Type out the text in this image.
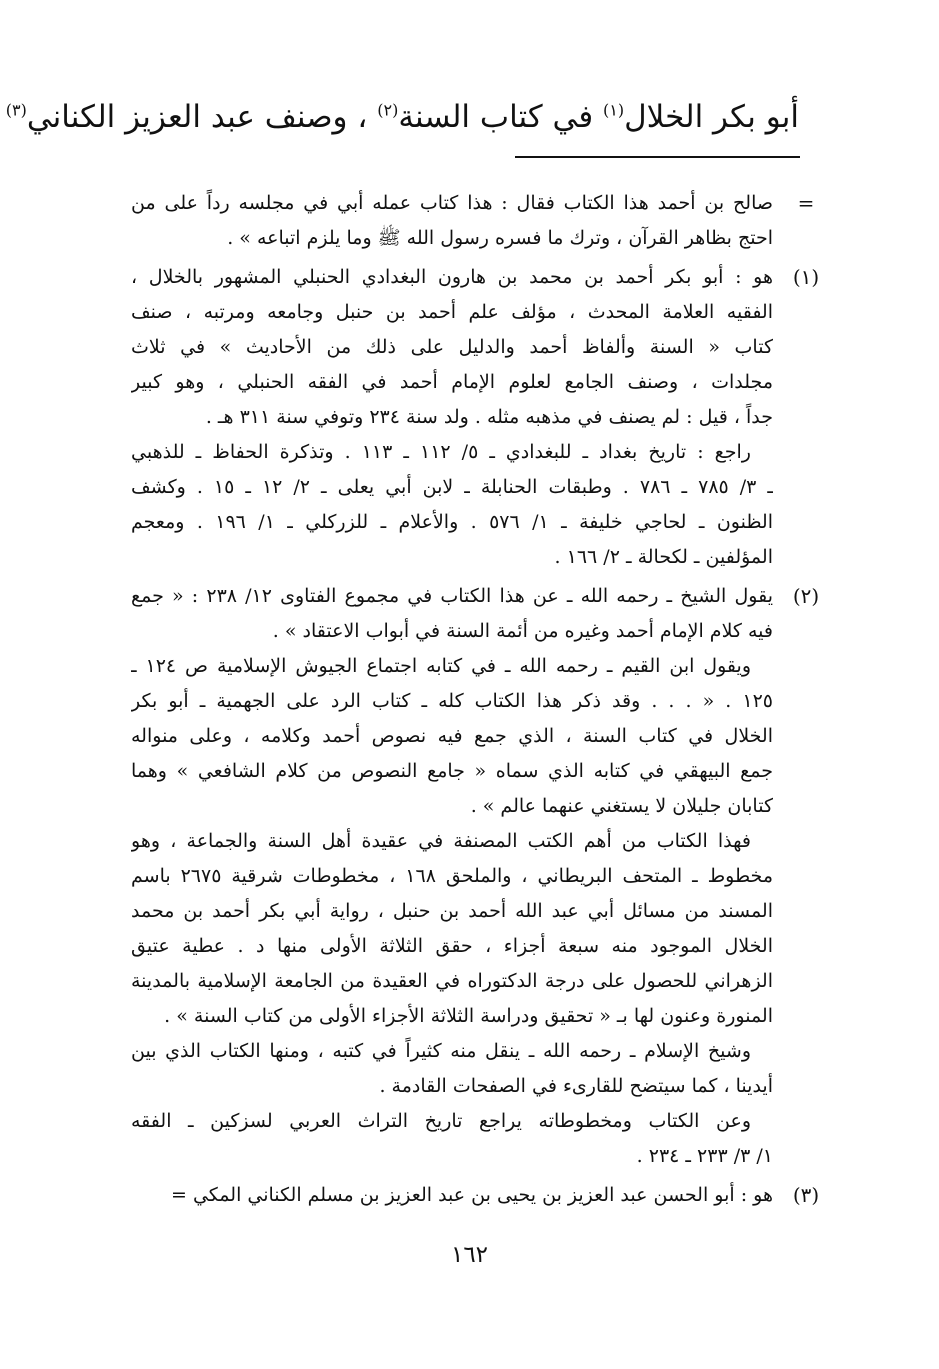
أبو بكر الخلال$^{(١)}$ في كتاب السنة$^{(٢)}$ ، وصنف عبد العزيز الكناني$^{(٣)}$
=
صالح بن أحمد هذا الكتاب فقال : هذا كتاب عمله أبي في مجلسه رداً على من
احتج بظاهر القرآن ، وترك ما فسره رسول الله ﷺ وما يلزم اتباعه » .
(١)
هو : أبو بكر أحمد بن محمد بن هارون البغدادي الحنبلي المشهور بالخلال ،
الفقيه العلامة المحدث ، مؤلف علم أحمد بن حنبل وجامعه ومرتبه ، صنف
كتاب « السنة وألفاظ أحمد والدليل على ذلك من الأحاديث » في ثلاث
مجلدات ، وصنف الجامع لعلوم الإمام أحمد في الفقه الحنبلي ، وهو كبير
جداً ، قيل : لم يصنف في مذهبه مثله . ولد سنة ٢٣٤ وتوفي سنة ٣١١ هـ .
راجع : تاريخ بغداد ـ للبغدادي ـ ٥/ ١١٢ ـ ١١٣ . وتذكرة الحفاظ ـ للذهبي
ـ ٣/ ٧٨٥ ـ ٧٨٦ . وطبقات الحنابلة ـ لابن أبي يعلى ـ ٢/ ١٢ ـ ١٥ . وكشف
الظنون ـ لحاجي خليفة ـ ١/ ٥٧٦ . والأعلام ـ للزركلي ـ ١/ ١٩٦ . ومعجم
المؤلفين ـ لكحالة ـ ٢/ ١٦٦ .
(٢)
يقول الشيخ ـ رحمه الله ـ عن هذا الكتاب في مجموع الفتاوى ١٢/ ٢٣٨ : « جمع
فيه كلام الإمام أحمد وغيره من أئمة السنة في أبواب الاعتقاد » .
ويقول ابن القيم ـ رحمه الله ـ في كتابه اجتماع الجيوش الإسلامية ص ١٢٤ ـ
١٢٥ . « . . . وقد ذكر هذا الكتاب كله ـ كتاب الرد على الجهمية ـ أبو بكر
الخلال في كتاب السنة ، الذي جمع فيه نصوص أحمد وكلامه ، وعلى منواله
جمع البيهقي في كتابه الذي سماه « جامع النصوص من كلام الشافعي » وهما
كتابان جليلان لا يستغني عنهما عالم » .
فهذا الكتاب من أهم الكتب المصنفة في عقيدة أهل السنة والجماعة ، وهو
مخطوط ـ المتحف البريطاني ، والملحق ١٦٨ ، مخطوطات شرقية ٢٦٧٥ باسم
المسند من مسائل أبي عبد الله أحمد بن حنبل ، رواية أبي بكر أحمد بن محمد
الخلال الموجود منه سبعة أجزاء ، حقق الثلاثة الأولى منها د . عطية عتيق
الزهراني للحصول على درجة الدكتوراه في العقيدة من الجامعة الإسلامية بالمدينة
المنورة وعنون لها بـ « تحقيق ودراسة الثلاثة الأجزاء الأولى من كتاب السنة » .
وشيخ الإسلام ـ رحمه الله ـ ينقل منه كثيراً في كتبه ، ومنها الكتاب الذي بين
أيدينا ، كما سيتضح للقارىء في الصفحات القادمة .
وعن الكتاب ومخطوطاته يراجع تاريخ التراث العربي لسزكين ـ الفقه
١/ ٣/ ٢٣٣ ـ ٢٣٤ .
(٣)
هو : أبو الحسن عبد العزيز بن يحيى بن عبد العزيز بن مسلم الكناني المكي =
١٦٢
